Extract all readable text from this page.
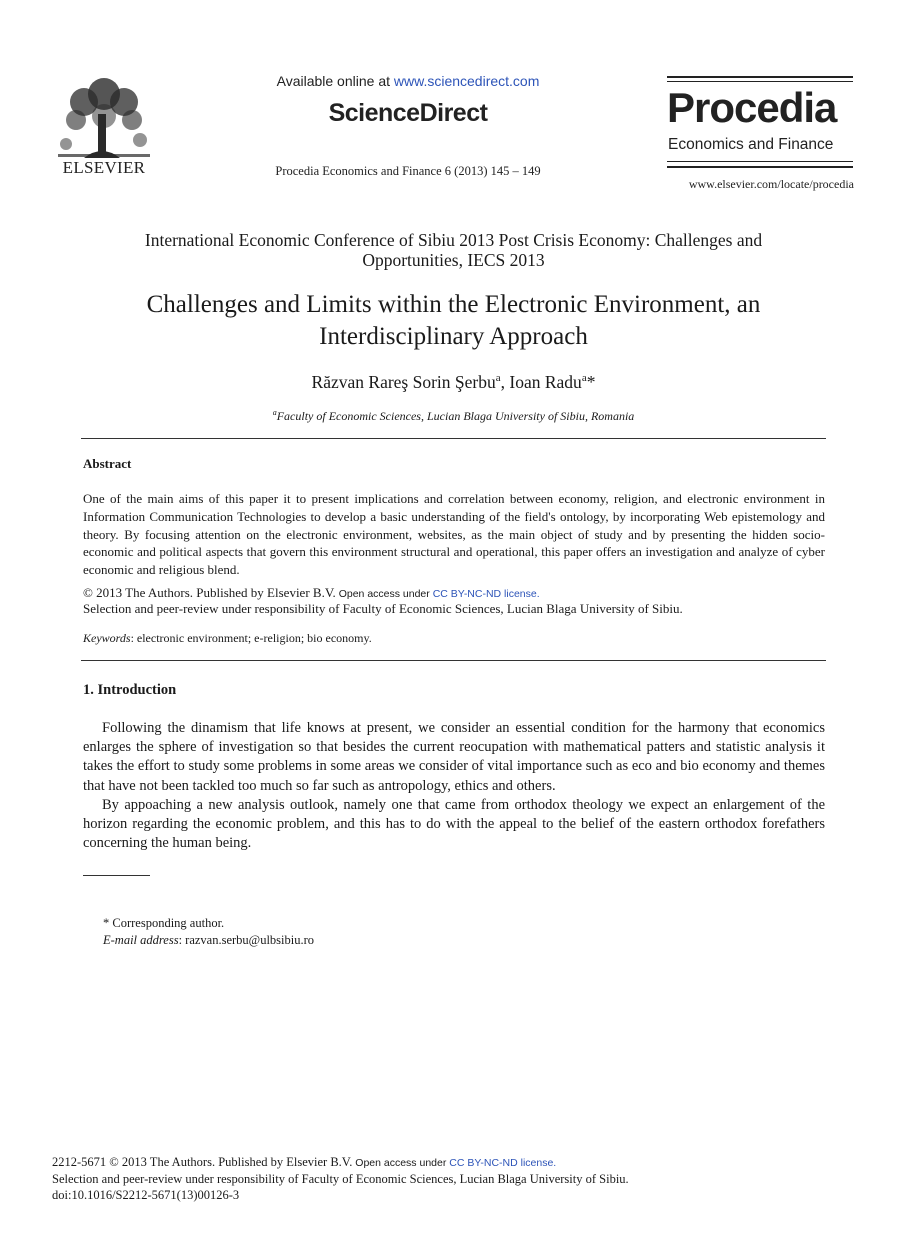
ELSEVIER
Available online at www.sciencedirect.com
ScienceDirect
Procedia Economics and Finance 6 (2013) 145 – 149
Procedia
Economics and Finance
www.elsevier.com/locate/procedia
International Economic Conference of Sibiu 2013 Post Crisis Economy: Challenges and Opportunities, IECS 2013
Challenges and Limits within the Electronic Environment, an Interdisciplinary Approach
Răzvan Rareş Sorin Şerbu$^a$, Ioan Radu$^a$*
$^a$Faculty of Economic Sciences, Lucian Blaga University of Sibiu, Romania
Abstract
One of the main aims of this paper it to present implications and correlation between economy, religion, and electronic environment in Information Communication Technologies to develop a basic understanding of the field's ontology, by incorporating Web epistemology and theory. By focusing attention on the electronic environment, websites, as the main object of study and by presenting the hidden socio-economic and political aspects that govern this environment structural and operational, this paper offers an investigation and analyze of cyber economic and religious blend.
© 2013 The Authors. Published by Elsevier B.V. Open access under CC BY-NC-ND license.
Selection and peer-review under responsibility of Faculty of Economic Sciences, Lucian Blaga University of Sibiu.
Keywords: electronic environment; e-religion; bio economy.
1. Introduction

Following the dinamism that life knows at present, we consider an essential condition for the harmony that economics enlarges the sphere of investigation so that besides the current reocupation with mathematical patters and statistic analysis it takes the effort to study some problems in some areas we consider of vital importance such as eco and bio economy and themes that have not been tackled too much so far such as antropology, ethics and others.

By appoaching a new analysis outlook, namely one that came from orthodox theology we expect an enlargement of the horizon regarding the economic problem, and this has to do with the appeal to the belief of the eastern orthodox forefathers concerning the human being.

* Corresponding author.
E-mail address: razvan.serbu@ulbsibiu.ro
2212-5671 © 2013 The Authors. Published by Elsevier B.V. Open access under CC BY-NC-ND license.
Selection and peer-review under responsibility of Faculty of Economic Sciences, Lucian Blaga University of Sibiu.
doi:10.1016/S2212-5671(13)00126-3
